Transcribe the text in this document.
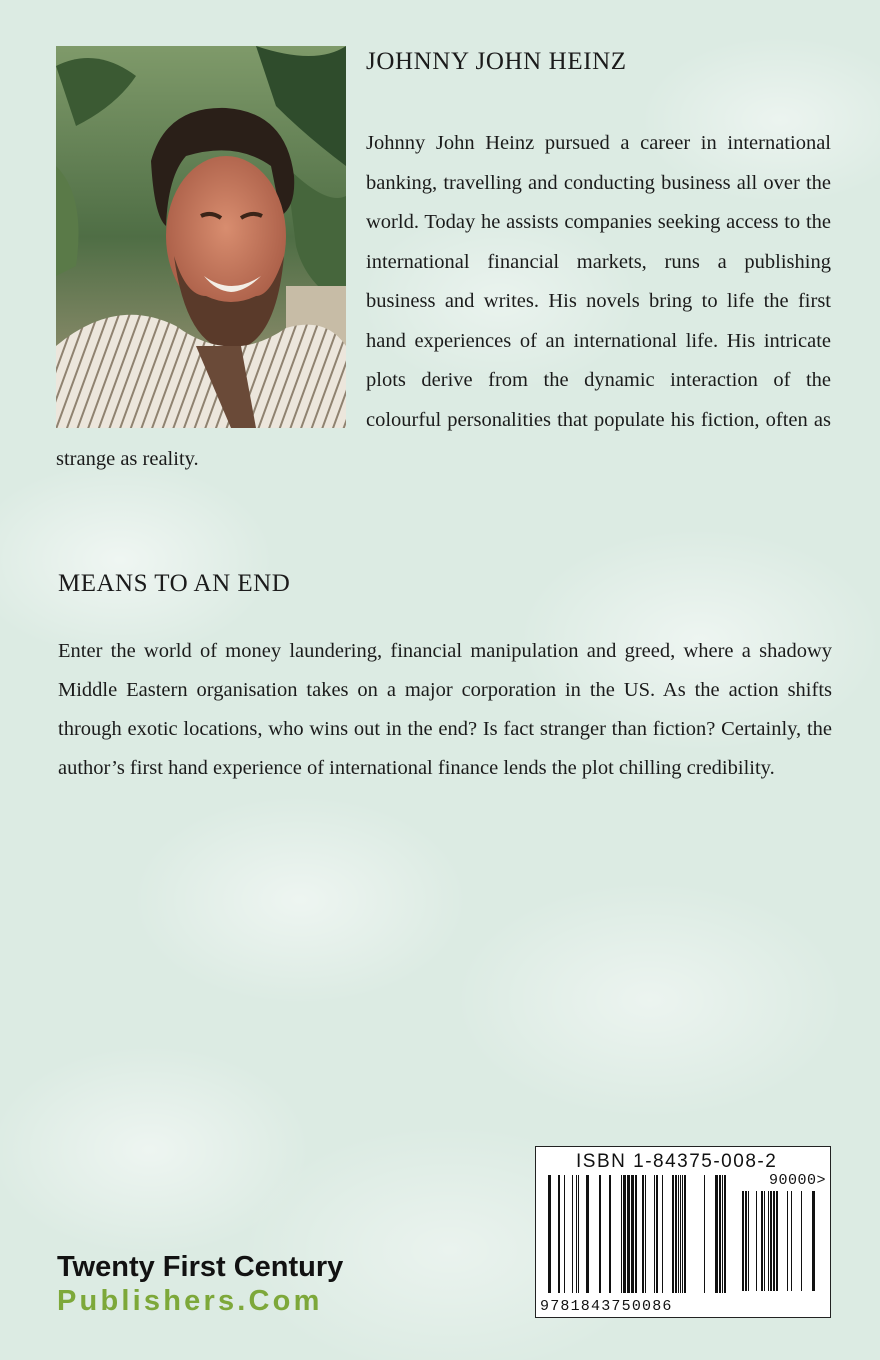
JOHNNY JOHN HEINZ

Johnny John Heinz pursued a career in international banking, travelling and conducting business all over the world. Today he assists companies seeking access to the international financial markets, runs a publishing business and writes. His novels bring to life the first hand experiences of an international life. His intricate plots derive from the dynamic interaction of the colourful personalities that populate his fiction, often as strange as reality.

MEANS TO AN END

Enter the world of money laundering, financial manipulation and greed, where a shadowy Middle Eastern organisation takes on a major corporation in the US. As the action shifts through exotic locations, who wins out in the end? Is fact stranger than fiction? Certainly, the author’s first hand experience of international finance lends the plot chilling credibility.

Twenty First Century
Publishers.Com
ISBN 1-84375-008-2
90000>
9781843750086
